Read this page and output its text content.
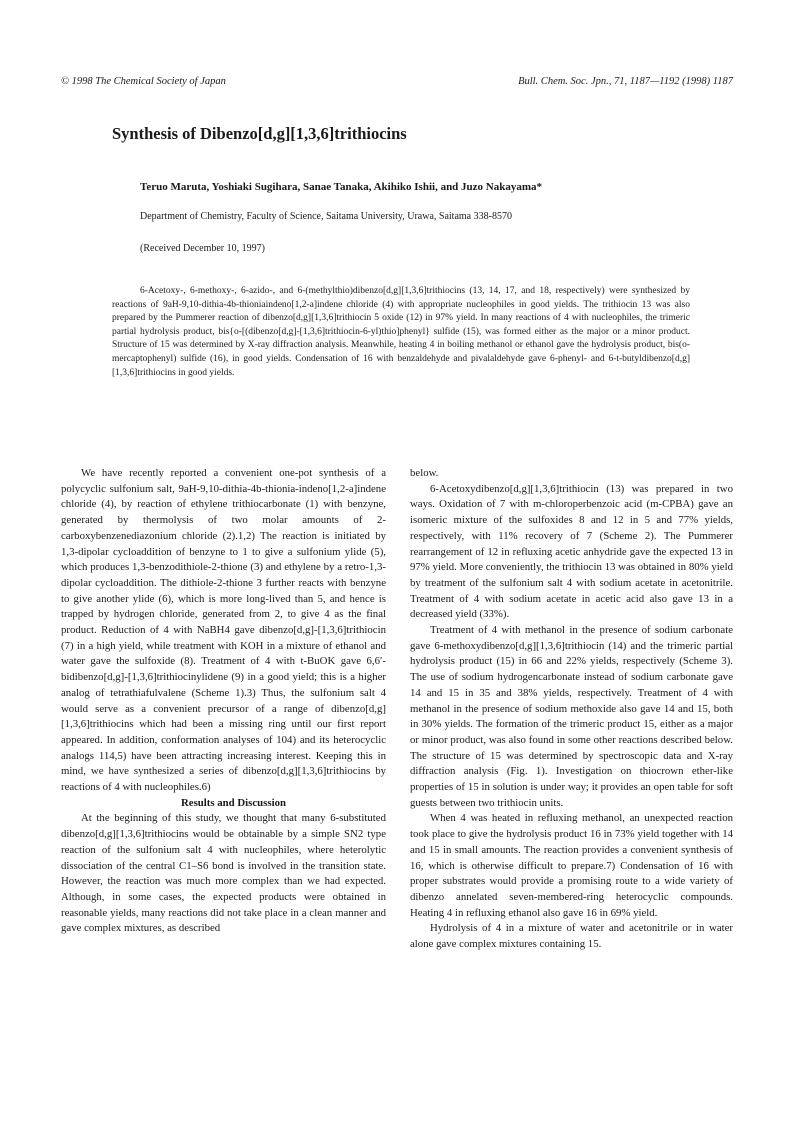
© 1998 The Chemical Society of Japan	Bull. Chem. Soc. Jpn., 71, 1187—1192 (1998) 1187
Synthesis of Dibenzo[d,g][1,3,6]trithiocins
Teruo Maruta, Yoshiaki Sugihara, Sanae Tanaka, Akihiko Ishii, and Juzo Nakayama*
Department of Chemistry, Faculty of Science, Saitama University, Urawa, Saitama 338-8570
(Received December 10, 1997)

6-Acetoxy-, 6-methoxy-, 6-azido-, and 6-(methylthio)dibenzo[d,g][1,3,6]trithiocins (13, 14, 17, and 18, respectively) were synthesized by reactions of 9aH-9,10-dithia-4b-thioniaindeno[1,2-a]indene chloride (4) with appropriate nucleophiles in good yields. The trithiocin 13 was also prepared by the Pummerer reaction of dibenzo[d,g][1,3,6]trithiocin 5 oxide (12) in 97% yield. In many reactions of 4 with nucleophiles, the trimeric partial hydrolysis product, bis{o-[(dibenzo[d,g]-[1,3,6]trithiocin-6-yl)thio]phenyl} sulfide (15), was formed either as the major or a minor product. Structure of 15 was determined by X-ray diffraction analysis. Meanwhile, heating 4 in boiling methanol or ethanol gave the hydrolysis product, bis(o-mercaptophenyl) sulfide (16), in good yields. Condensation of 16 with benzaldehyde and pivalaldehyde gave 6-phenyl- and 6-t-butyldibenzo[d,g][1,3,6]trithiocins in good yields.

We have recently reported a convenient one-pot synthesis of a polycyclic sulfonium salt, 9aH-9,10-dithia-4b-thionia-indeno[1,2-a]indene chloride (4), by reaction of ethylene trithiocarbonate (1) with benzyne, generated by thermolysis of two molar amounts of 2-carboxybenzenediazonium chloride (2).1,2) The reaction is initiated by 1,3-dipolar cycloaddition of benzyne to 1 to give a sulfonium ylide (5), which produces 1,3-benzodithiole-2-thione (3) and ethylene by a retro-1,3-dipolar cycloaddition. The dithiole-2-thione 3 further reacts with benzyne to give another ylide (6), which is more long-lived than 5, and hence is trapped by hydrogen chloride, generated from 2, to give 4 as the final product. Reduction of 4 with NaBH4 gave dibenzo[d,g]-[1,3,6]trithiocin (7) in a high yield, while treatment with KOH in a mixture of ethanol and water gave the sulfoxide (8). Treatment of 4 with t-BuOK gave 6,6′-bidibenzo[d,g]-[1,3,6]trithiocinylidene (9) in a good yield; this is a higher analog of tetrathiafulvalene (Scheme 1).3) Thus, the sulfonium salt 4 would serve as a convenient precursor of a range of dibenzo[d,g][1,3,6]trithiocins which had been a missing ring until our first report appeared. In addition, conformation analyses of 104) and its heterocyclic analogs 114,5) have been attracting increasing interest. Keeping this in mind, we have synthesized a series of dibenzo[d,g][1,3,6]trithiocins by reactions of 4 with nucleophiles.6)

Results and Discussion

At the beginning of this study, we thought that many 6-substituted dibenzo[d,g][1,3,6]trithiocins would be obtainable by a simple SN2 type reaction of the sulfonium salt 4 with nucleophiles, where heterolytic dissociation of the central C1–S6 bond is involved in the transition state. However, the reaction was much more complex than we had expected. Although, in some cases, the expected products were obtained in reasonable yields, many reactions did not take place in a clean manner and gave complex mixtures, as described

below.

6-Acetoxydibenzo[d,g][1,3,6]trithiocin (13) was prepared in two ways. Oxidation of 7 with m-chloroperbenzoic acid (m-CPBA) gave an isomeric mixture of the sulfoxides 8 and 12 in 5 and 77% yields, respectively, with 11% recovery of 7 (Scheme 2). The Pummerer rearrangement of 12 in refluxing acetic anhydride gave the expected 13 in 97% yield. More conveniently, the trithiocin 13 was obtained in 80% yield by treatment of the sulfonium salt 4 with sodium acetate in acetonitrile. Treatment of 4 with sodium acetate in acetic acid also gave 13 in a decreased yield (33%).

Treatment of 4 with methanol in the presence of sodium carbonate gave 6-methoxydibenzo[d,g][1,3,6]trithiocin (14) and the trimeric partial hydrolysis product (15) in 66 and 22% yields, respectively (Scheme 3). The use of sodium hydrogencarbonate instead of sodium carbonate gave 14 and 15 in 35 and 38% yields, respectively. Treatment of 4 with methanol in the presence of sodium methoxide also gave 14 and 15, both in 30% yields. The formation of the trimeric product 15, either as a major or minor product, was also found in some other reactions described below. The structure of 15 was determined by spectroscopic data and X-ray diffraction analysis (Fig. 1). Investigation on thiocrown ether-like properties of 15 in solution is under way; it provides an open table for soft guests between two trithiocin units.

When 4 was heated in refluxing methanol, an unexpected reaction took place to give the hydrolysis product 16 in 73% yield together with 14 and 15 in small amounts. The reaction provides a convenient synthesis of 16, which is otherwise difficult to prepare.7) Condensation of 16 with proper substrates would provide a promising route to a wide variety of dibenzo annelated seven-membered-ring heterocyclic compounds. Heating 4 in refluxing ethanol also gave 16 in 69% yield.

Hydrolysis of 4 in a mixture of water and acetonitrile or in water alone gave complex mixtures containing 15.
